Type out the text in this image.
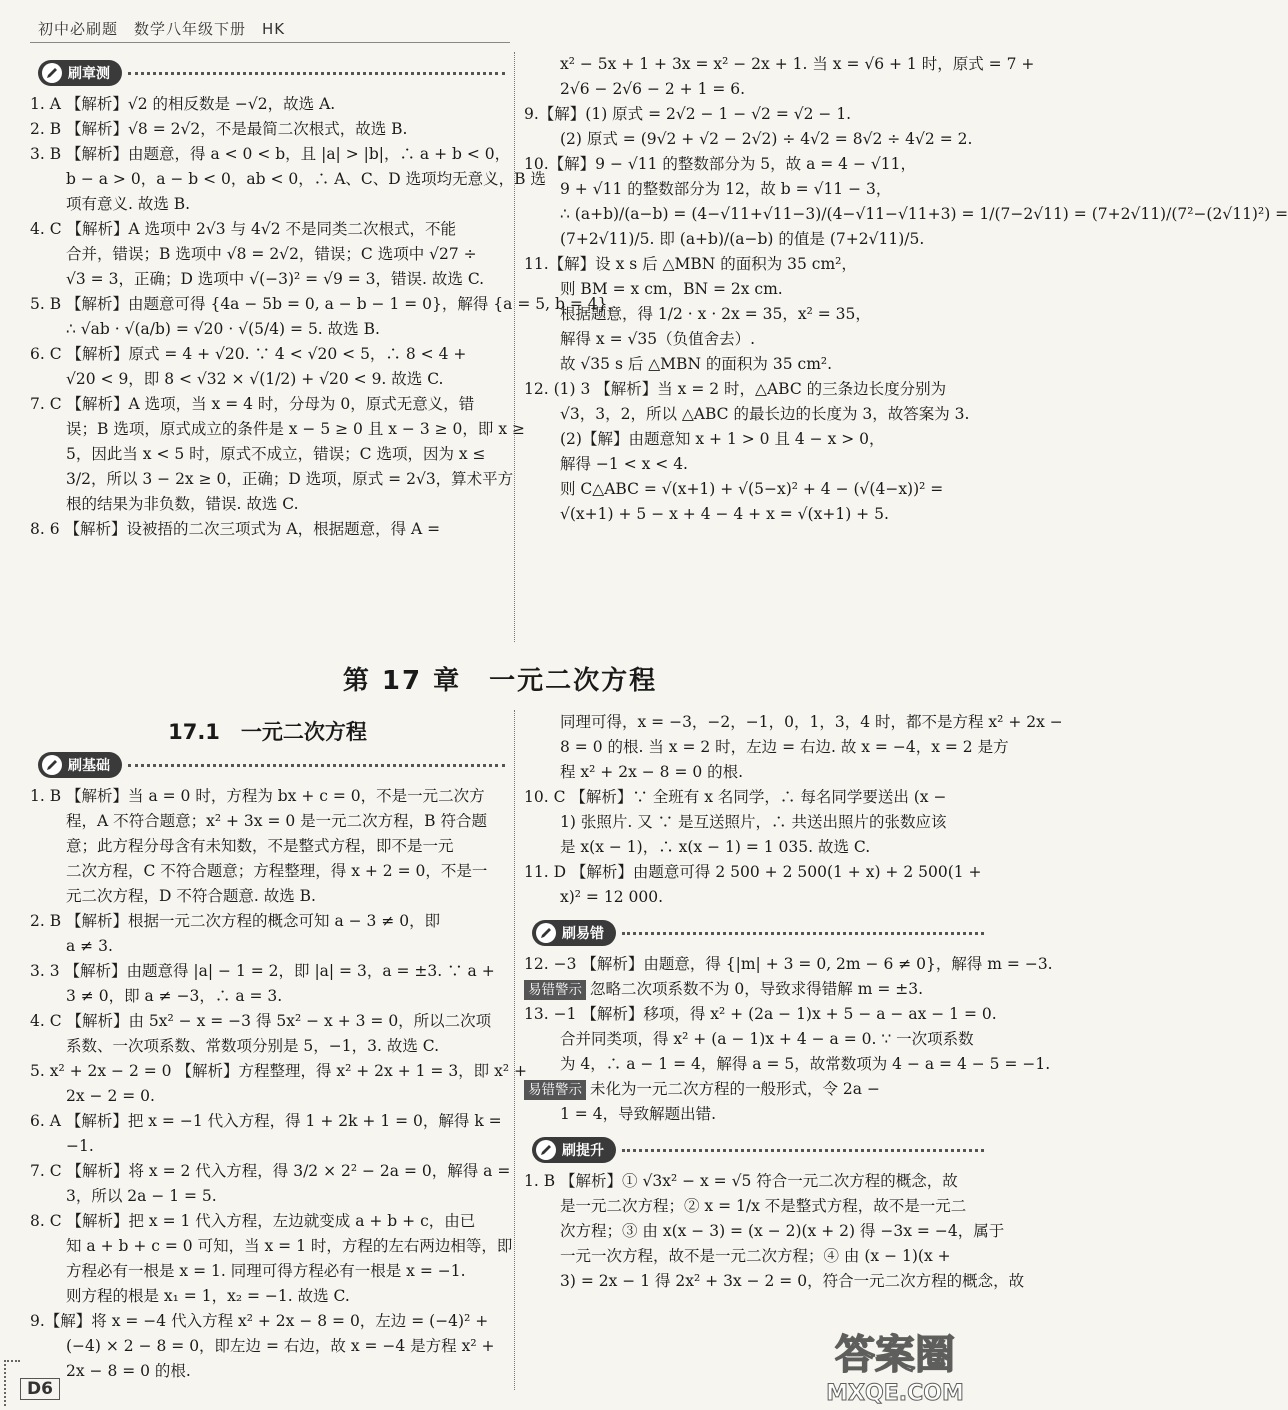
初中必刷题　数学八年级下册　HK
刷章测
1. A 【解析】√2 的相反数是 −√2，故选 A.
2. B 【解析】√8 = 2√2，不是最简二次根式，故选 B.
3. B 【解析】由题意，得 a < 0 < b，且 |a| > |b|，∴ a + b < 0，
b − a > 0，a − b < 0，ab < 0，∴ A、C、D 选项均无意义，B 选
项有意义. 故选 B.
4. C 【解析】A 选项中 2√3 与 4√2 不是同类二次根式，不能
合并，错误；B 选项中 √8 = 2√2，错误；C 选项中 √27 ÷
√3 = 3，正确；D 选项中 √(−3)² = √9 = 3，错误. 故选 C.
5. B 【解析】由题意可得 {4a − 5b = 0, a − b − 1 = 0}，解得 {a = 5, b = 4}，
∴ √ab · √(a/b) = √20 · √(5/4) = 5. 故选 B.
6. C 【解析】原式 = 4 + √20. ∵ 4 < √20 < 5，∴ 8 < 4 +
√20 < 9，即 8 < √32 × √(1/2) + √20 < 9. 故选 C.
7. C 【解析】A 选项，当 x = 4 时，分母为 0，原式无意义，错
误；B 选项，原式成立的条件是 x − 5 ≥ 0 且 x − 3 ≥ 0，即 x ≥
5，因此当 x < 5 时，原式不成立，错误；C 选项，因为 x ≤
3/2，所以 3 − 2x ≥ 0，正确；D 选项，原式 = 2√3，算术平方
根的结果为非负数，错误. 故选 C.
8. 6 【解析】设被捂的二次三项式为 A，根据题意，得 A =
x² − 5x + 1 + 3x = x² − 2x + 1. 当 x = √6 + 1 时，原式 = 7 +
2√6 − 2√6 − 2 + 1 = 6.
9.【解】(1) 原式 = 2√2 − 1 − √2 = √2 − 1.
(2) 原式 = (9√2 + √2 − 2√2) ÷ 4√2 = 8√2 ÷ 4√2 = 2.
10.【解】9 − √11 的整数部分为 5，故 a = 4 − √11，
9 + √11 的整数部分为 12，故 b = √11 − 3，
∴ (a+b)/(a−b) = (4−√11+√11−3)/(4−√11−√11+3) = 1/(7−2√11) = (7+2√11)/(7²−(2√11)²) =
(7+2√11)/5. 即 (a+b)/(a−b) 的值是 (7+2√11)/5.
11.【解】设 x s 后 △MBN 的面积为 35 cm²，
则 BM = x cm，BN = 2x cm.
根据题意，得 1/2 · x · 2x = 35，x² = 35，
解得 x = √35（负值舍去）.
故 √35 s 后 △MBN 的面积为 35 cm².
12. (1) 3 【解析】当 x = 2 时，△ABC 的三条边长度分别为
√3，3，2，所以 △ABC 的最长边的长度为 3，故答案为 3.
(2)【解】由题意知 x + 1 > 0 且 4 − x > 0，
解得 −1 < x < 4.
则 C△ABC = √(x+1) + √(5−x)² + 4 − (√(4−x))² =
√(x+1) + 5 − x + 4 − 4 + x = √(x+1) + 5.
第 17 章　一元二次方程
17.1　一元二次方程
刷基础
1. B 【解析】当 a = 0 时，方程为 bx + c = 0，不是一元二次方
程，A 不符合题意；x² + 3x = 0 是一元二次方程，B 符合题
意；此方程分母含有未知数，不是整式方程，即不是一元
二次方程，C 不符合题意；方程整理，得 x + 2 = 0，不是一
元二次方程，D 不符合题意. 故选 B.
2. B 【解析】根据一元二次方程的概念可知 a − 3 ≠ 0，即
a ≠ 3.
3. 3 【解析】由题意得 |a| − 1 = 2，即 |a| = 3，a = ±3. ∵ a +
3 ≠ 0，即 a ≠ −3，∴ a = 3.
4. C 【解析】由 5x² − x = −3 得 5x² − x + 3 = 0，所以二次项
系数、一次项系数、常数项分别是 5，−1，3. 故选 C.
5. x² + 2x − 2 = 0 【解析】方程整理，得 x² + 2x + 1 = 3，即 x² +
2x − 2 = 0.
6. A 【解析】把 x = −1 代入方程，得 1 + 2k + 1 = 0，解得 k =
−1.
7. C 【解析】将 x = 2 代入方程，得 3/2 × 2² − 2a = 0，解得 a =
3，所以 2a − 1 = 5.
8. C 【解析】把 x = 1 代入方程，左边就变成 a + b + c，由已
知 a + b + c = 0 可知，当 x = 1 时，方程的左右两边相等，即
方程必有一根是 x = 1. 同理可得方程必有一根是 x = −1.
则方程的根是 x₁ = 1，x₂ = −1. 故选 C.
9.【解】将 x = −4 代入方程 x² + 2x − 8 = 0，左边 = (−4)² +
(−4) × 2 − 8 = 0，即左边 = 右边，故 x = −4 是方程 x² +
2x − 8 = 0 的根.
同理可得，x = −3，−2，−1，0，1，3，4 时，都不是方程 x² + 2x −
8 = 0 的根. 当 x = 2 时，左边 = 右边. 故 x = −4，x = 2 是方
程 x² + 2x − 8 = 0 的根.
10. C 【解析】∵ 全班有 x 名同学，∴ 每名同学要送出 (x −
1) 张照片. 又 ∵ 是互送照片，∴ 共送出照片的张数应该
是 x(x − 1)，∴ x(x − 1) = 1 035. 故选 C.
11. D 【解析】由题意可得 2 500 + 2 500(1 + x) + 2 500(1 +
x)² = 12 000.
刷易错
12. −3 【解析】由题意，得 {|m| + 3 = 0, 2m − 6 ≠ 0}，解得 m = −3.
易错警示 忽略二次项系数不为 0，导致求得错解 m = ±3.
13. −1 【解析】移项，得 x² + (2a − 1)x + 5 − a − ax − 1 = 0.
合并同类项，得 x² + (a − 1)x + 4 − a = 0. ∵ 一次项系数
为 4，∴ a − 1 = 4，解得 a = 5，故常数项为 4 − a = 4 − 5 = −1.
易错警示 未化为一元二次方程的一般形式，令 2a −
1 = 4，导致解题出错.
刷提升
1. B 【解析】① √3x² − x = √5 符合一元二次方程的概念，故
是一元二次方程；② x = 1/x 不是整式方程，故不是一元二
次方程；③ 由 x(x − 3) = (x − 2)(x + 2) 得 −3x = −4，属于
一元一次方程，故不是一元二次方程；④ 由 (x − 1)(x +
3) = 2x − 1 得 2x² + 3x − 2 = 0，符合一元二次方程的概念，故
D6
答案圈
MXQE.COM
